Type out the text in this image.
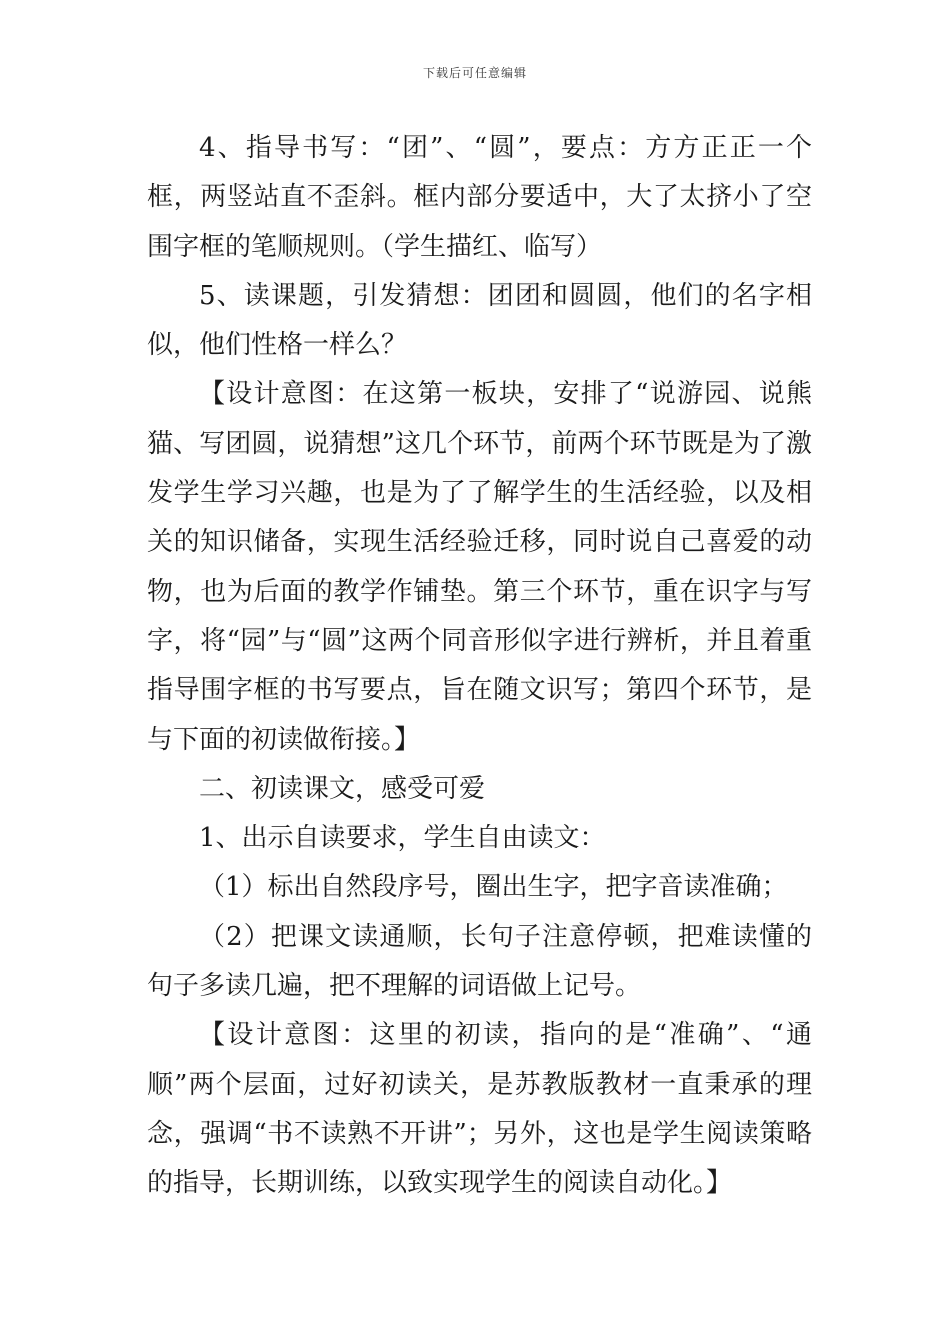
下载后可任意编辑

4、指导书写：“团”、“圆”，要点：方方正正一个框，两竖站直不歪斜。框内部分要适中，大了太挤小了空围字框的笔顺规则。（学生描红、临写）

5、读课题，引发猜想：团团和圆圆，他们的名字相似，他们性格一样么？

【设计意图：在这第一板块，安排了“说游园、说熊猫、写团圆，说猜想”这几个环节，前两个环节既是为了激发学生学习兴趣，也是为了了解学生的生活经验，以及相关的知识储备，实现生活经验迁移，同时说自己喜爱的动物，也为后面的教学作铺垫。第三个环节，重在识字与写字，将“园”与“圆”这两个同音形似字进行辨析，并且着重指导围字框的书写要点，旨在随文识写；第四个环节，是与下面的初读做衔接。】

二、初读课文，感受可爱

1、出示自读要求，学生自由读文：

（1）标出自然段序号，圈出生字，把字音读准确；

（2）把课文读通顺，长句子注意停顿，把难读懂的句子多读几遍，把不理解的词语做上记号。

【设计意图：这里的初读，指向的是“准确”、“通顺”两个层面，过好初读关，是苏教版教材一直秉承的理念，强调“书不读熟不开讲”；另外，这也是学生阅读策略的指导，长期训练，以致实现学生的阅读自动化。】
